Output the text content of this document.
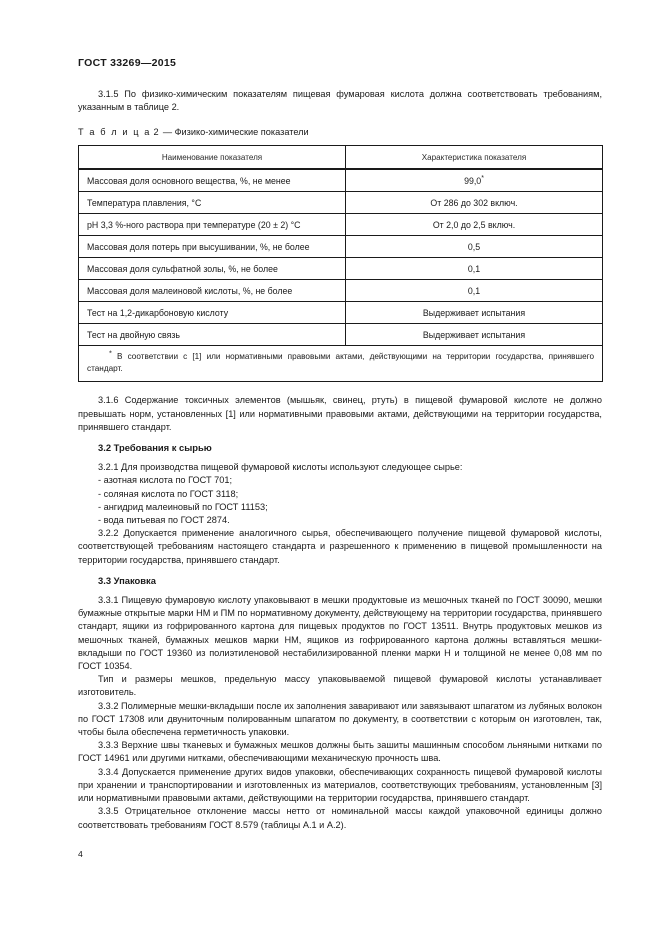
ГОСТ 33269—2015

3.1.5 По физико-химическим показателям пищевая фумаровая кислота должна соответствовать требованиям, указанным в таблице 2.

Т а б л и ц а 2 — Физико-химические показатели
Наименование показателя	Характеристика показателя
Массовая доля основного вещества, %, не менее	99,0*
Температура плавления, °С	От 286 до 302 включ.
рН 3,3 %-ного раствора при температуре (20 ± 2) °С	От 2,0 до 2,5 включ.
Массовая доля потерь при высушивании, %, не более	0,5
Массовая доля сульфатной золы, %, не более	0,1
Массовая доля малеиновой кислоты, %, не более	0,1
Тест на 1,2-дикарбоновую кислоту	Выдерживает испытания
Тест на двойную связь	Выдерживает испытания
* В соответствии с [1] или нормативными правовыми актами, действующими на территории государства, принявшего стандарт.	

3.1.6 Содержание токсичных элементов (мышьяк, свинец, ртуть) в пищевой фумаровой кислоте не должно превышать норм, установленных [1] или нормативными правовыми актами, действующими на территории государства, принявшего стандарт.

3.2 Требования к сырью

3.2.1 Для производства пищевой фумаровой кислоты используют следующее сырье:

- азотная кислота по ГОСТ 701;

- соляная кислота по ГОСТ 3118;

- ангидрид малеиновый по ГОСТ 11153;

- вода питьевая по ГОСТ 2874.

3.2.2 Допускается применение аналогичного сырья, обеспечивающего получение пищевой фумаровой кислоты, соответствующей требованиям настоящего стандарта и разрешенного к применению в пищевой промышленности на территории государства, принявшего стандарт.

3.3 Упаковка

3.3.1 Пищевую фумаровую кислоту упаковывают в мешки продуктовые из мешочных тканей по ГОСТ 30090, мешки бумажные открытые марки НМ и ПМ по нормативному документу, действующему на территории государства, принявшего стандарт, ящики из гофрированного картона для пищевых продуктов по ГОСТ 13511. Внутрь продуктовых мешков из мешочных тканей, бумажных мешков марки НМ, ящиков из гофрированного картона должны вставляться мешки-вкладыши по ГОСТ 19360 из полиэтиленовой нестабилизированной пленки марки Н и толщиной не менее 0,08 мм по ГОСТ 10354.

Тип и размеры мешков, предельную массу упаковываемой пищевой фумаровой кислоты устанавливает изготовитель.

3.3.2 Полимерные мешки-вкладыши после их заполнения заваривают или завязывают шпагатом из лубяных волокон по ГОСТ 17308 или двуниточным полированным шпагатом по документу, в соответствии с которым он изготовлен, так, чтобы была обеспечена герметичность упаковки.

3.3.3 Верхние швы тканевых и бумажных мешков должны быть зашиты машинным способом льняными нитками по ГОСТ 14961 или другими нитками, обеспечивающими механическую прочность шва.

3.3.4 Допускается применение других видов упаковки, обеспечивающих сохранность пищевой фумаровой кислоты при хранении и транспортировании и изготовленных из материалов, соответствующих требованиям, установленным [3] или нормативными правовыми актами, действующими на территории государства, принявшего стандарт.

3.3.5 Отрицательное отклонение массы нетто от номинальной массы каждой упаковочной единицы должно соответствовать требованиям ГОСТ 8.579 (таблицы А.1 и А.2).

4
